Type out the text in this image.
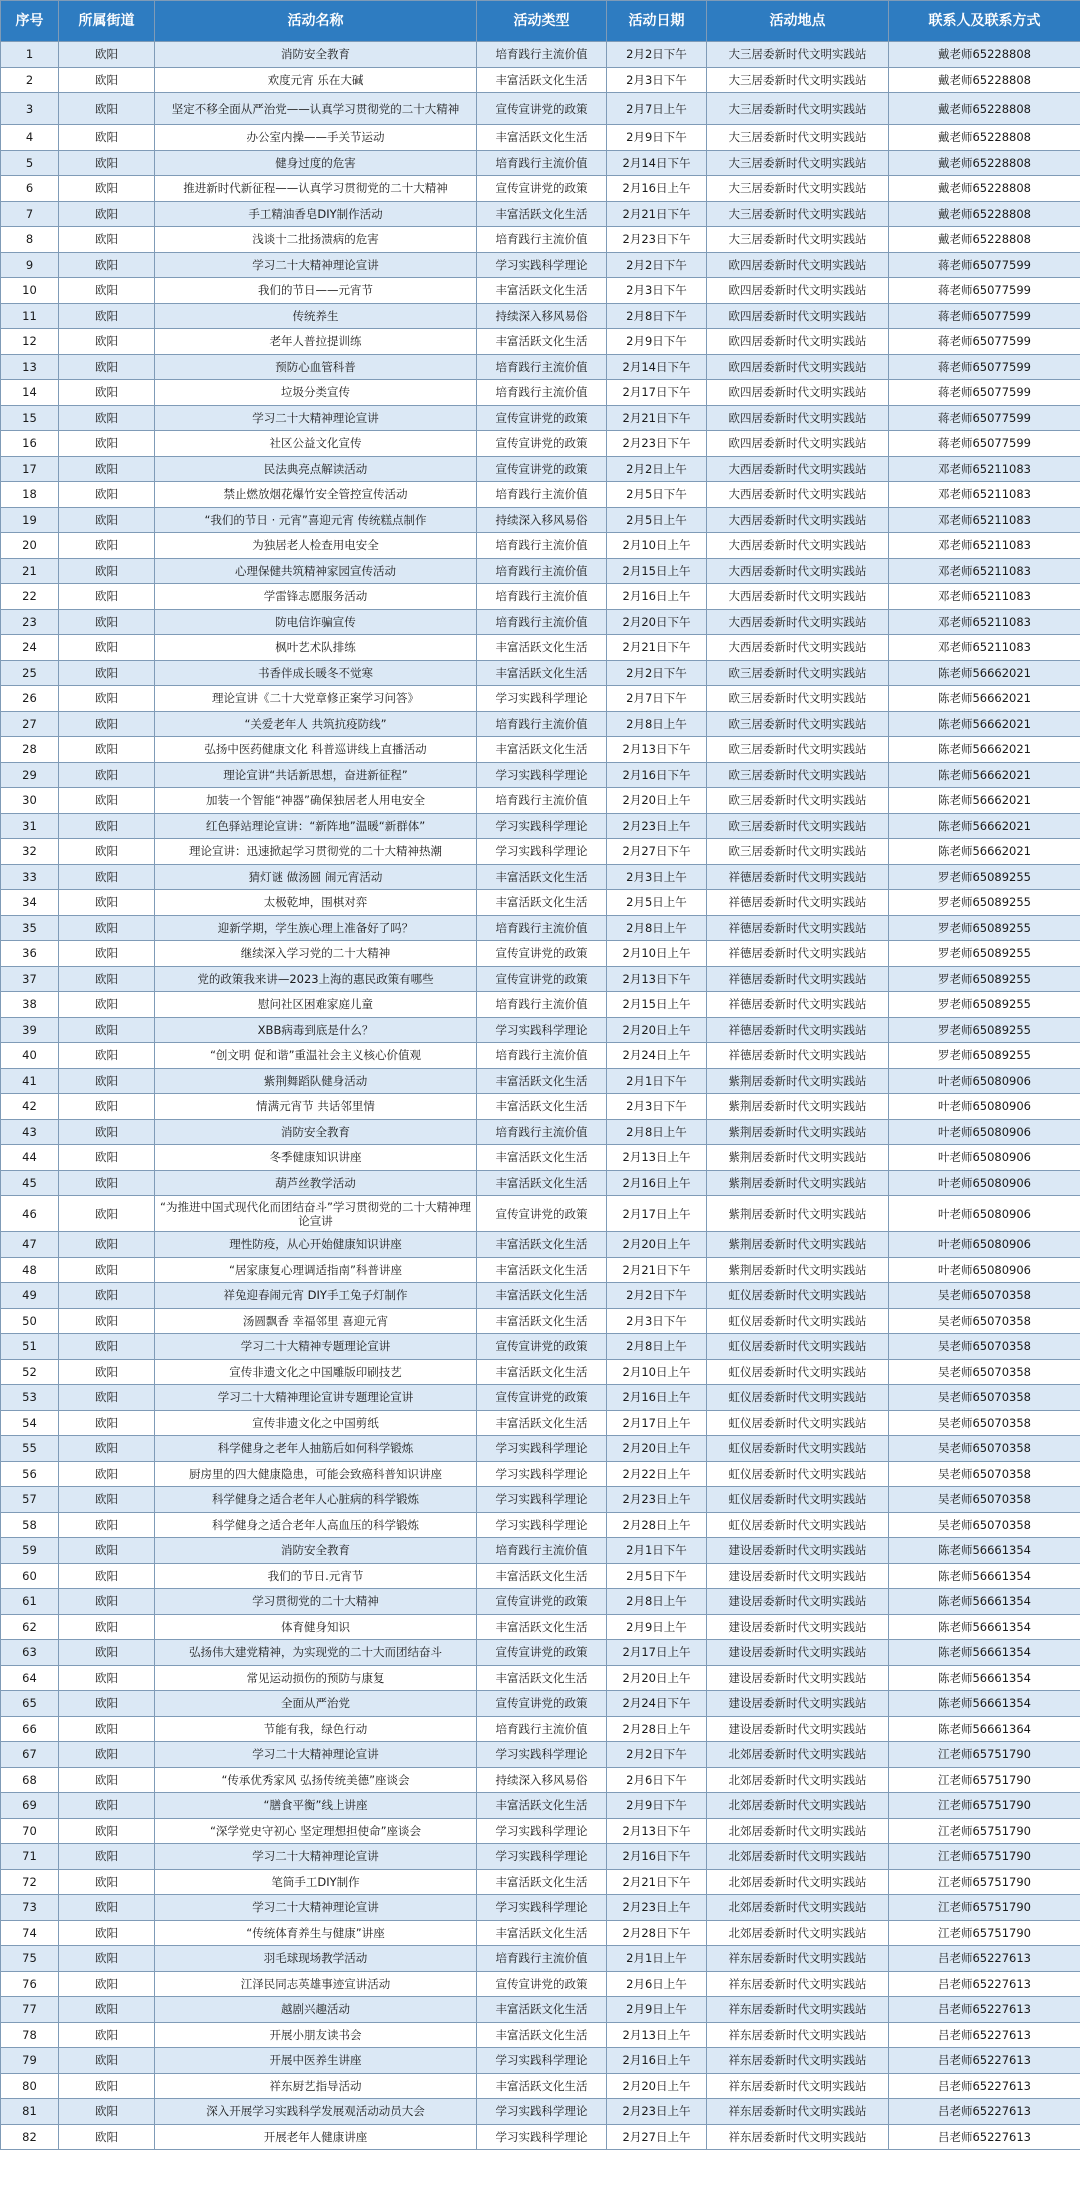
序号	所属街道	活动名称	活动类型	活动日期	活动地点	联系人及联系方式
1	欧阳	消防安全教育	培育践行主流价值	2月2日下午	大三居委新时代文明实践站	戴老师65228808
2	欧阳	欢度元宵 乐在大碱	丰富活跃文化生活	2月3日下午	大三居委新时代文明实践站	戴老师65228808
3	欧阳	坚定不移全面从严治党——认真学习贯彻党的二十大精神	宣传宣讲党的政策	2月7日上午	大三居委新时代文明实践站	戴老师65228808
4	欧阳	办公室内操——手关节运动	丰富活跃文化生活	2月9日下午	大三居委新时代文明实践站	戴老师65228808
5	欧阳	健身过度的危害	培育践行主流价值	2月14日下午	大三居委新时代文明实践站	戴老师65228808
6	欧阳	推进新时代新征程——认真学习贯彻党的二十大精神	宣传宣讲党的政策	2月16日上午	大三居委新时代文明实践站	戴老师65228808
7	欧阳	手工精油香皂DIY制作活动	丰富活跃文化生活	2月21日下午	大三居委新时代文明实践站	戴老师65228808
8	欧阳	浅谈十二批扬溃病的危害	培育践行主流价值	2月23日下午	大三居委新时代文明实践站	戴老师65228808
9	欧阳	学习二十大精神理论宣讲	学习实践科学理论	2月2日下午	欧四居委新时代文明实践站	蒋老师65077599
10	欧阳	我们的节日——元宵节	丰富活跃文化生活	2月3日下午	欧四居委新时代文明实践站	蒋老师65077599
11	欧阳	传统养生	持续深入移风易俗	2月8日下午	欧四居委新时代文明实践站	蒋老师65077599
12	欧阳	老年人普拉提训练	丰富活跃文化生活	2月9日下午	欧四居委新时代文明实践站	蒋老师65077599
13	欧阳	预防心血管科普	培育践行主流价值	2月14日下午	欧四居委新时代文明实践站	蒋老师65077599
14	欧阳	垃圾分类宣传	培育践行主流价值	2月17日下午	欧四居委新时代文明实践站	蒋老师65077599
15	欧阳	学习二十大精神理论宣讲	宣传宣讲党的政策	2月21日下午	欧四居委新时代文明实践站	蒋老师65077599
16	欧阳	社区公益文化宣传	宣传宣讲党的政策	2月23日下午	欧四居委新时代文明实践站	蒋老师65077599
17	欧阳	民法典亮点解读活动	宣传宣讲党的政策	2月2日上午	大西居委新时代文明实践站	邓老师65211083
18	欧阳	禁止燃放烟花爆竹安全管控宣传活动	培育践行主流价值	2月5日下午	大西居委新时代文明实践站	邓老师65211083
19	欧阳	“我们的节日 · 元宵”喜迎元宵 传统糕点制作	持续深入移风易俗	2月5日上午	大西居委新时代文明实践站	邓老师65211083
20	欧阳	为独居老人检查用电安全	培育践行主流价值	2月10日上午	大西居委新时代文明实践站	邓老师65211083
21	欧阳	心理保健共筑精神家园宣传活动	培育践行主流价值	2月15日上午	大西居委新时代文明实践站	邓老师65211083
22	欧阳	学雷锋志愿服务活动	培育践行主流价值	2月16日上午	大西居委新时代文明实践站	邓老师65211083
23	欧阳	防电信诈骗宣传	培育践行主流价值	2月20日下午	大西居委新时代文明实践站	邓老师65211083
24	欧阳	枫叶艺术队排练	丰富活跃文化生活	2月21日下午	大西居委新时代文明实践站	邓老师65211083
25	欧阳	书香伴成长暖冬不觉寒	丰富活跃文化生活	2月2日下午	欧三居委新时代文明实践站	陈老师56662021
26	欧阳	理论宣讲《二十大党章修正案学习问答》	学习实践科学理论	2月7日下午	欧三居委新时代文明实践站	陈老师56662021
27	欧阳	“关爱老年人 共筑抗疫防线”	培育践行主流价值	2月8日上午	欧三居委新时代文明实践站	陈老师56662021
28	欧阳	弘扬中医药健康文化 科普巡讲线上直播活动	丰富活跃文化生活	2月13日下午	欧三居委新时代文明实践站	陈老师56662021
29	欧阳	理论宣讲“共话新思想，奋进新征程”	学习实践科学理论	2月16日下午	欧三居委新时代文明实践站	陈老师56662021
30	欧阳	加装一个智能“神器”确保独居老人用电安全	培育践行主流价值	2月20日上午	欧三居委新时代文明实践站	陈老师56662021
31	欧阳	红色驿站理论宣讲：“新阵地”温暖“新群体”	学习实践科学理论	2月23日上午	欧三居委新时代文明实践站	陈老师56662021
32	欧阳	理论宣讲：迅速掀起学习贯彻党的二十大精神热潮	学习实践科学理论	2月27日下午	欧三居委新时代文明实践站	陈老师56662021
33	欧阳	猜灯谜 做汤圆 闹元宵活动	丰富活跃文化生活	2月3日上午	祥德居委新时代文明实践站	罗老师65089255
34	欧阳	太极乾坤，围棋对弈	丰富活跃文化生活	2月5日上午	祥德居委新时代文明实践站	罗老师65089255
35	欧阳	迎新学期，学生族心理上准备好了吗？	培育践行主流价值	2月8日上午	祥德居委新时代文明实践站	罗老师65089255
36	欧阳	继续深入学习党的二十大精神	宣传宣讲党的政策	2月10日上午	祥德居委新时代文明实践站	罗老师65089255
37	欧阳	党的政策我来讲—2023上海的惠民政策有哪些	宣传宣讲党的政策	2月13日下午	祥德居委新时代文明实践站	罗老师65089255
38	欧阳	慰问社区困难家庭儿童	培育践行主流价值	2月15日上午	祥德居委新时代文明实践站	罗老师65089255
39	欧阳	XBB病毒到底是什么？	学习实践科学理论	2月20日上午	祥德居委新时代文明实践站	罗老师65089255
40	欧阳	“创文明 促和谐”重温社会主义核心价值观	培育践行主流价值	2月24日上午	祥德居委新时代文明实践站	罗老师65089255
41	欧阳	紫荆舞蹈队健身活动	丰富活跃文化生活	2月1日下午	紫荆居委新时代文明实践站	叶老师65080906
42	欧阳	情满元宵节 共话邻里情	丰富活跃文化生活	2月3日下午	紫荆居委新时代文明实践站	叶老师65080906
43	欧阳	消防安全教育	培育践行主流价值	2月8日上午	紫荆居委新时代文明实践站	叶老师65080906
44	欧阳	冬季健康知识讲座	丰富活跃文化生活	2月13日上午	紫荆居委新时代文明实践站	叶老师65080906
45	欧阳	葫芦丝教学活动	丰富活跃文化生活	2月16日上午	紫荆居委新时代文明实践站	叶老师65080906
46	欧阳	“为推进中国式现代化而团结奋斗”学习贯彻党的二十大精神理论宣讲	宣传宣讲党的政策	2月17日上午	紫荆居委新时代文明实践站	叶老师65080906
47	欧阳	理性防疫，从心开始健康知识讲座	丰富活跃文化生活	2月20日上午	紫荆居委新时代文明实践站	叶老师65080906
48	欧阳	“居家康复心理调适指南”科普讲座	丰富活跃文化生活	2月21日下午	紫荆居委新时代文明实践站	叶老师65080906
49	欧阳	祥兔迎春闹元宵 DIY手工兔子灯制作	丰富活跃文化生活	2月2日下午	虹仪居委新时代文明实践站	吴老师65070358
50	欧阳	汤圆飘香 幸福邻里 喜迎元宵	丰富活跃文化生活	2月3日下午	虹仪居委新时代文明实践站	吴老师65070358
51	欧阳	学习二十大精神专题理论宣讲	宣传宣讲党的政策	2月8日上午	虹仪居委新时代文明实践站	吴老师65070358
52	欧阳	宣传非遗文化之中国雕版印刷技艺	丰富活跃文化生活	2月10日上午	虹仪居委新时代文明实践站	吴老师65070358
53	欧阳	学习二十大精神理论宣讲专题理论宣讲	宣传宣讲党的政策	2月16日上午	虹仪居委新时代文明实践站	吴老师65070358
54	欧阳	宣传非遗文化之中国剪纸	丰富活跃文化生活	2月17日上午	虹仪居委新时代文明实践站	吴老师65070358
55	欧阳	科学健身之老年人抽筋后如何科学锻炼	学习实践科学理论	2月20日上午	虹仪居委新时代文明实践站	吴老师65070358
56	欧阳	厨房里的四大健康隐患，可能会致癌科普知识讲座	学习实践科学理论	2月22日上午	虹仪居委新时代文明实践站	吴老师65070358
57	欧阳	科学健身之适合老年人心脏病的科学锻炼	学习实践科学理论	2月23日上午	虹仪居委新时代文明实践站	吴老师65070358
58	欧阳	科学健身之适合老年人高血压的科学锻炼	学习实践科学理论	2月28日上午	虹仪居委新时代文明实践站	吴老师65070358
59	欧阳	消防安全教育	培育践行主流价值	2月1日下午	建设居委新时代文明实践站	陈老师56661354
60	欧阳	我们的节日.元宵节	丰富活跃文化生活	2月5日下午	建设居委新时代文明实践站	陈老师56661354
61	欧阳	学习贯彻党的二十大精神	宣传宣讲党的政策	2月8日上午	建设居委新时代文明实践站	陈老师56661354
62	欧阳	体育健身知识	丰富活跃文化生活	2月9日上午	建设居委新时代文明实践站	陈老师56661354
63	欧阳	弘扬伟大建党精神，为实现党的二十大而团结奋斗	宣传宣讲党的政策	2月17日上午	建设居委新时代文明实践站	陈老师56661354
64	欧阳	常见运动损伤的预防与康复	丰富活跃文化生活	2月20日上午	建设居委新时代文明实践站	陈老师56661354
65	欧阳	全面从严治党	宣传宣讲党的政策	2月24日下午	建设居委新时代文明实践站	陈老师56661354
66	欧阳	节能有我，绿色行动	培育践行主流价值	2月28日上午	建设居委新时代文明实践站	陈老师56661364
67	欧阳	学习二十大精神理论宣讲	学习实践科学理论	2月2日下午	北郊居委新时代文明实践站	江老师65751790
68	欧阳	“传承优秀家风 弘扬传统美德”座谈会	持续深入移风易俗	2月6日下午	北郊居委新时代文明实践站	江老师65751790
69	欧阳	“膳食平衡”线上讲座	丰富活跃文化生活	2月9日下午	北郊居委新时代文明实践站	江老师65751790
70	欧阳	“深学党史守初心 坚定理想担使命”座谈会	学习实践科学理论	2月13日下午	北郊居委新时代文明实践站	江老师65751790
71	欧阳	学习二十大精神理论宣讲	学习实践科学理论	2月16日下午	北郊居委新时代文明实践站	江老师65751790
72	欧阳	笔筒手工DIY制作	丰富活跃文化生活	2月21日下午	北郊居委新时代文明实践站	江老师65751790
73	欧阳	学习二十大精神理论宣讲	学习实践科学理论	2月23日上午	北郊居委新时代文明实践站	江老师65751790
74	欧阳	“传统体育养生与健康”讲座	丰富活跃文化生活	2月28日下午	北郊居委新时代文明实践站	江老师65751790
75	欧阳	羽毛球现场教学活动	培育践行主流价值	2月1日上午	祥东居委新时代文明实践站	吕老师65227613
76	欧阳	江泽民同志英雄事迹宣讲活动	宣传宣讲党的政策	2月6日上午	祥东居委新时代文明实践站	吕老师65227613
77	欧阳	越剧兴趣活动	丰富活跃文化生活	2月9日上午	祥东居委新时代文明实践站	吕老师65227613
78	欧阳	开展小朋友读书会	丰富活跃文化生活	2月13日上午	祥东居委新时代文明实践站	吕老师65227613
79	欧阳	开展中医养生讲座	学习实践科学理论	2月16日上午	祥东居委新时代文明实践站	吕老师65227613
80	欧阳	祥东厨艺指导活动	丰富活跃文化生活	2月20日上午	祥东居委新时代文明实践站	吕老师65227613
81	欧阳	深入开展学习实践科学发展观活动动员大会	学习实践科学理论	2月23日上午	祥东居委新时代文明实践站	吕老师65227613
82	欧阳	开展老年人健康讲座	学习实践科学理论	2月27日上午	祥东居委新时代文明实践站	吕老师65227613
